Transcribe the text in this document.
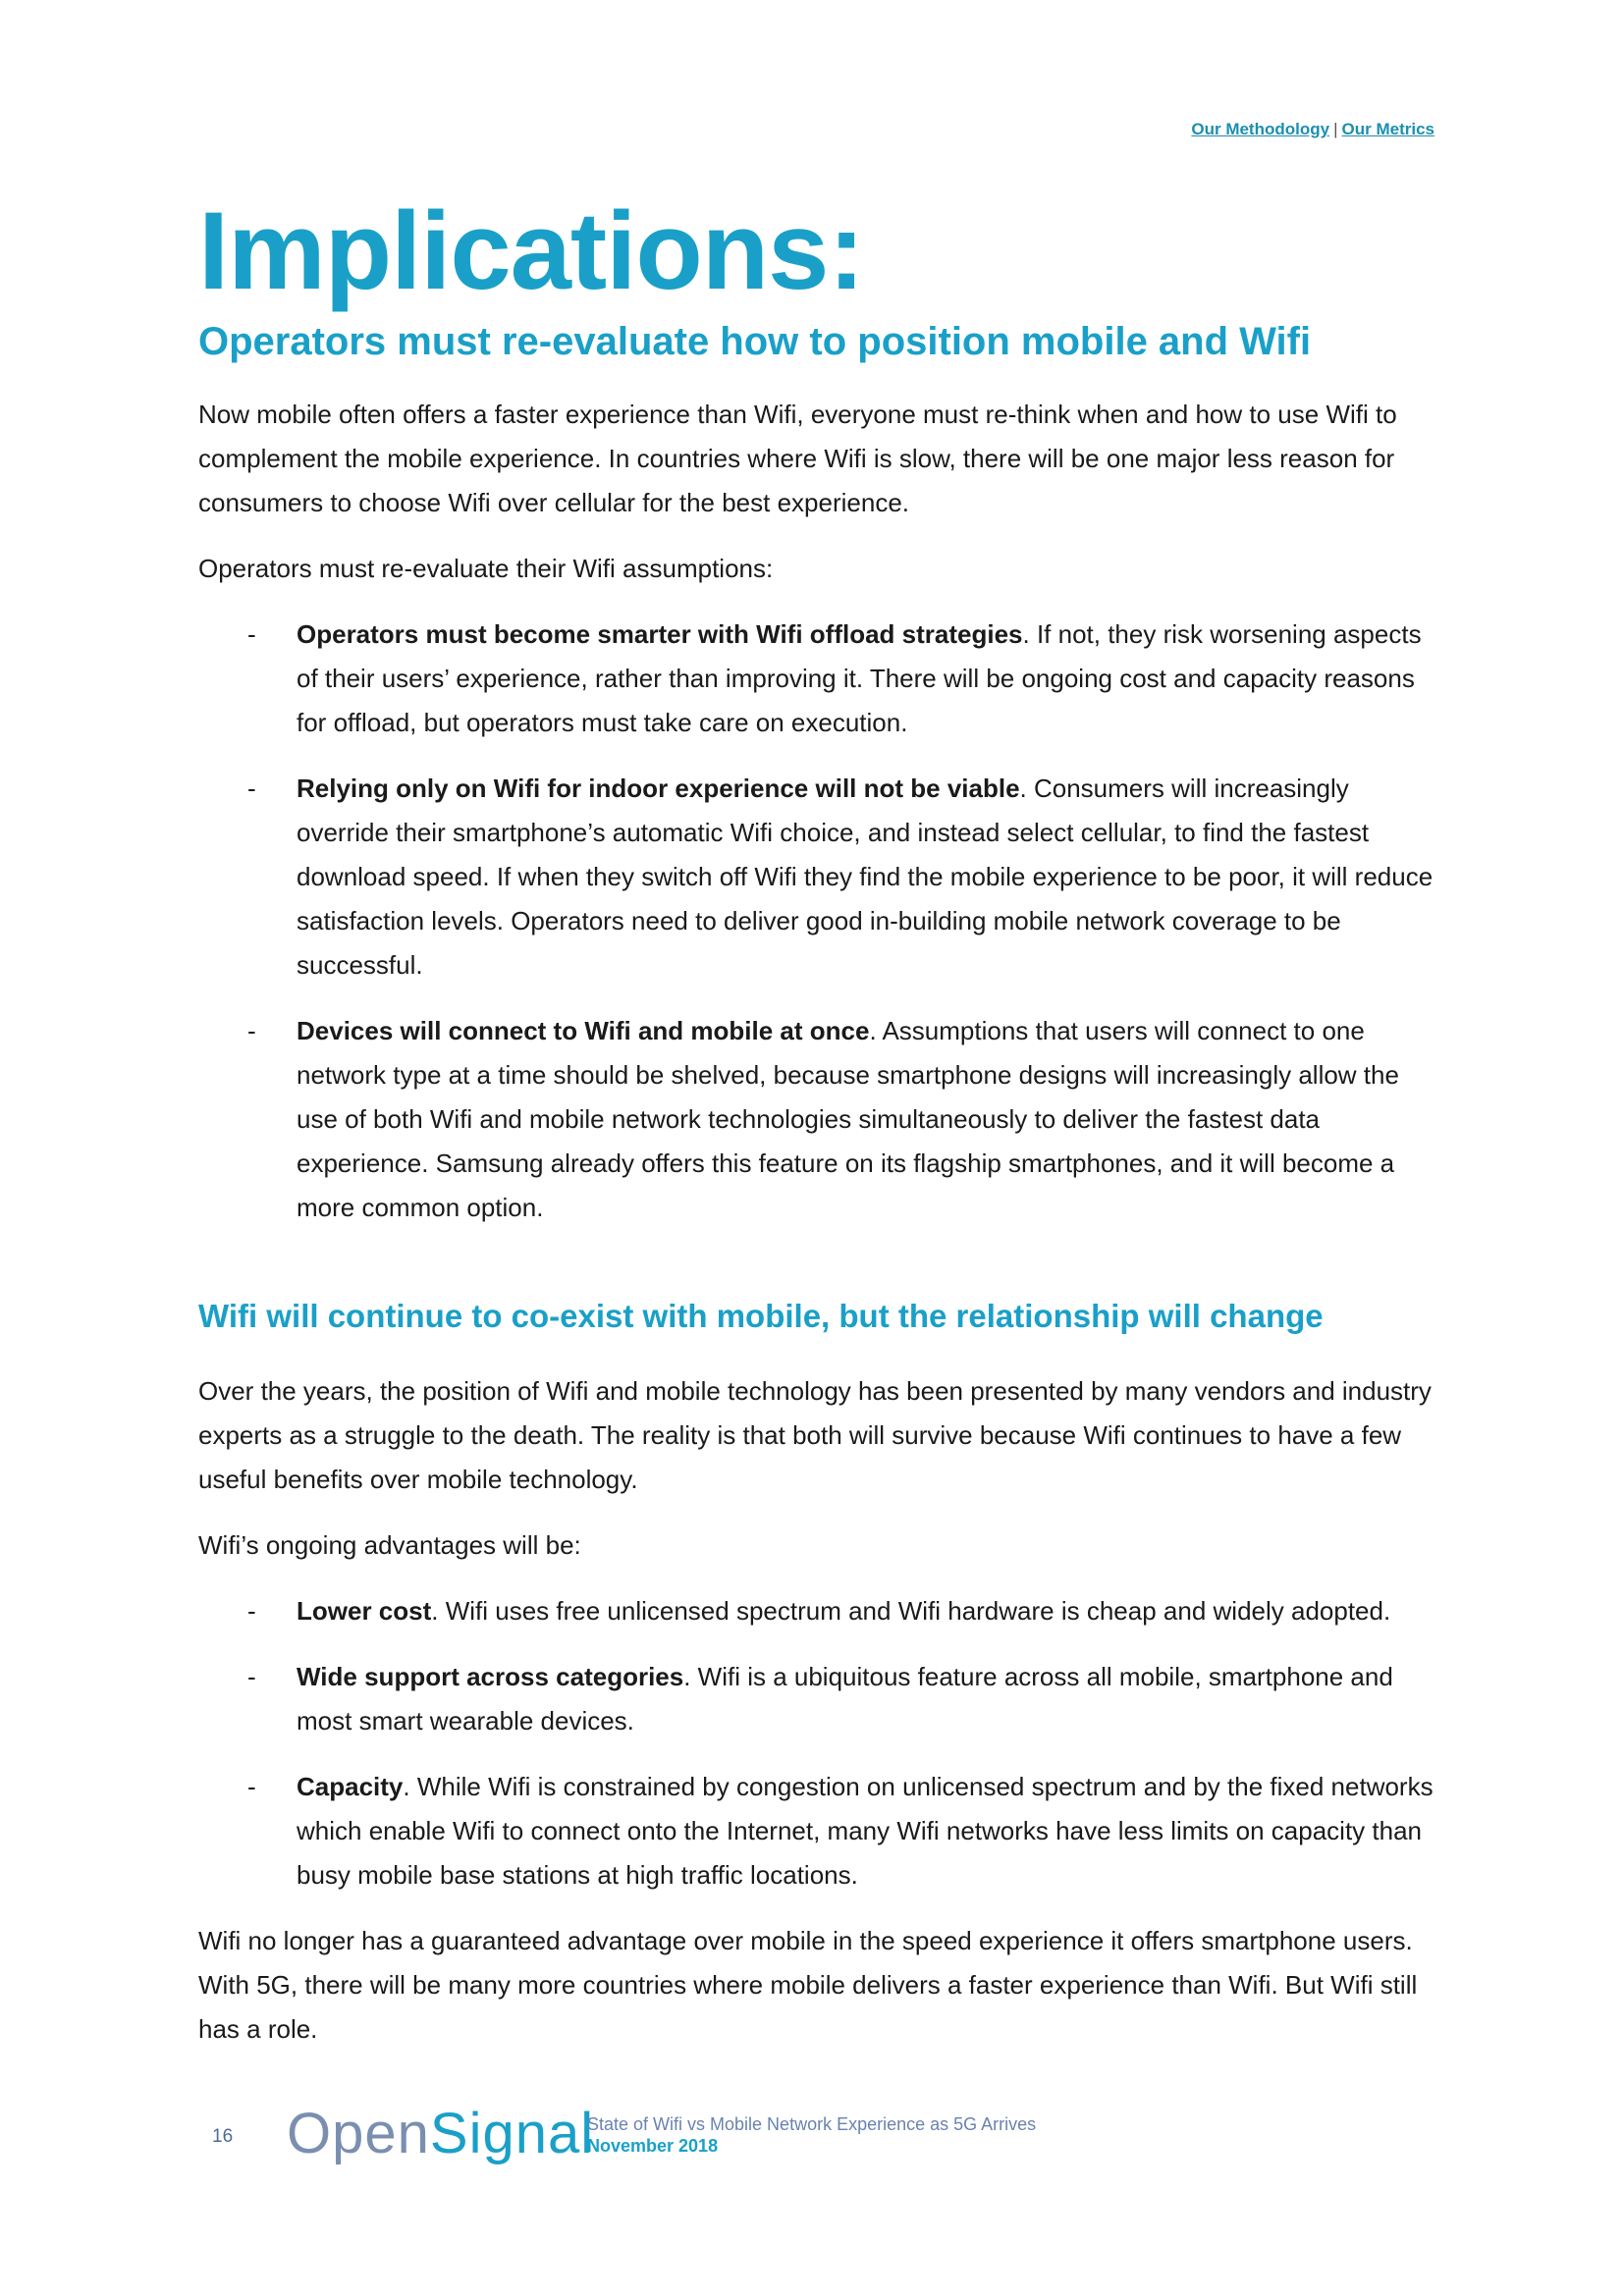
Our Methodology | Our Metrics
Implications:
Operators must re-evaluate how to position mobile and Wifi

Now mobile often offers a faster experience than Wifi, everyone must re-think when and how to use Wifi to complement the mobile experience. In countries where Wifi is slow, there will be one major less reason for consumers to choose Wifi over cellular for the best experience.

Operators must re-evaluate their Wifi assumptions:

- Operators must become smarter with Wifi offload strategies. If not, they risk worsening aspects of their users’ experience, rather than improving it. There will be ongoing cost and capacity reasons for offload, but operators must take care on execution.
- Relying only on Wifi for indoor experience will not be viable. Consumers will increasingly override their smartphone’s automatic Wifi choice, and instead select cellular, to find the fastest download speed. If when they switch off Wifi they find the mobile experience to be poor, it will reduce satisfaction levels. Operators need to deliver good in-building mobile network coverage to be successful.
- Devices will connect to Wifi and mobile at once. Assumptions that users will connect to one network type at a time should be shelved, because smartphone designs will increasingly allow the use of both Wifi and mobile network technologies simultaneously to deliver the fastest data experience. Samsung already offers this feature on its flagship smartphones, and it will become a more common option.
Wifi will continue to co-exist with mobile, but the relationship will change

Over the years, the position of Wifi and mobile technology has been presented by many vendors and industry experts as a struggle to the death. The reality is that both will survive because Wifi continues to have a few useful benefits over mobile technology.

Wifi’s ongoing advantages will be:

- Lower cost. Wifi uses free unlicensed spectrum and Wifi hardware is cheap and widely adopted.
- Wide support across categories. Wifi is a ubiquitous feature across all mobile, smartphone and most smart wearable devices.
- Capacity. While Wifi is constrained by congestion on unlicensed spectrum and by the fixed networks which enable Wifi to connect onto the Internet, many Wifi networks have less limits on capacity than busy mobile base stations at high traffic locations.

Wifi no longer has a guaranteed advantage over mobile in the speed experience it offers smartphone users. With 5G, there will be many more countries where mobile delivers a faster experience than Wifi. But Wifi still has a role.

16 OpenSignal
State of Wifi vs Mobile Network Experience as 5G Arrives
November 2018
